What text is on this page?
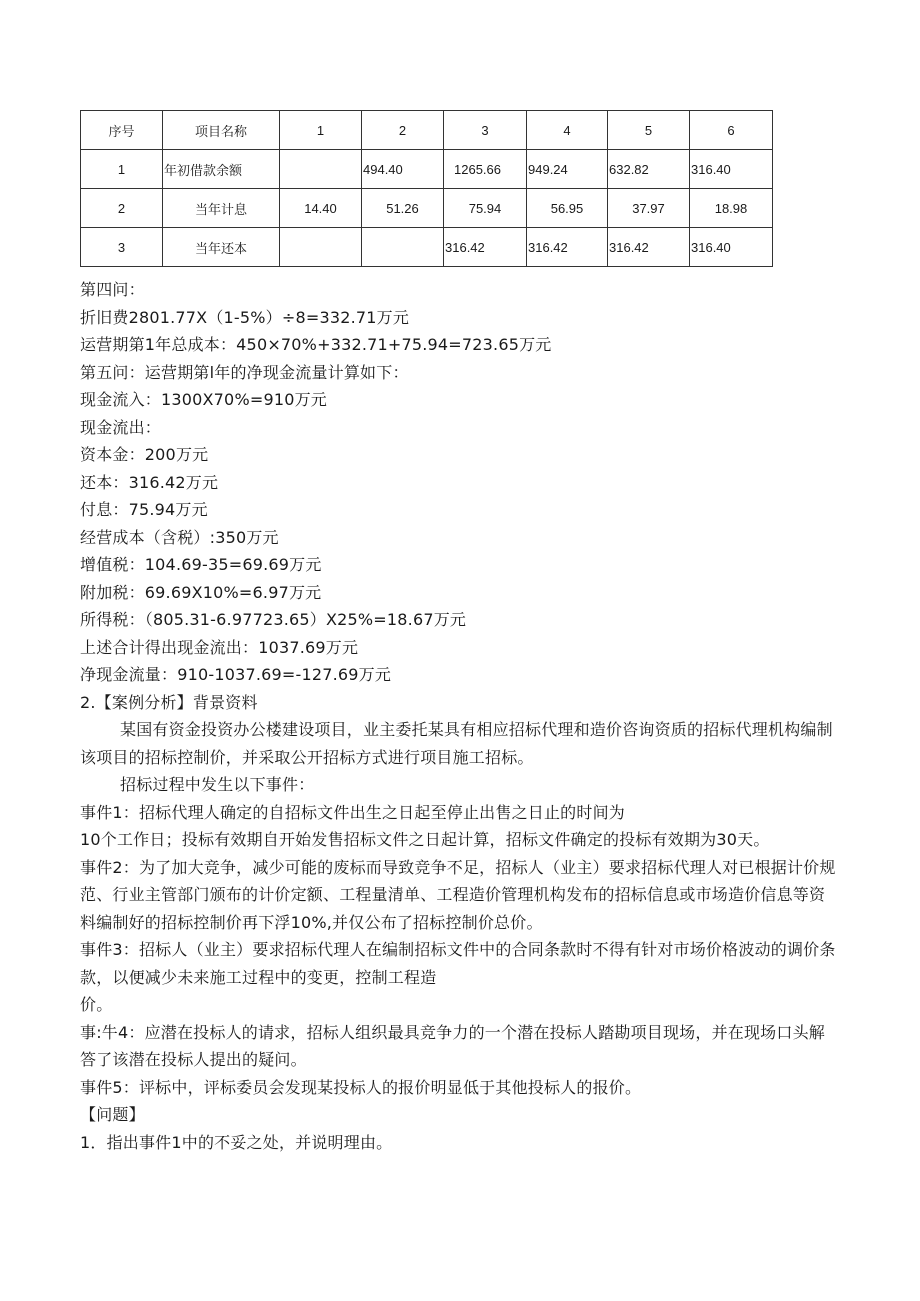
序号	项目名称	1	2	3	4	5	6
1	年初借款余额		494.40	1265.66	949.24	632.82	316.40
2	当年计息	14.40	51.26	75.94	56.95	37.97	18.98
3	当年还本			316.42	316.42	316.42	316.40

第四问：

折旧费2801.77X（1-5%）÷8=332.71万元

运营期第1年总成本：450×70%+332.71+75.94=723.65万元

第五问：运营期第l年的净现金流量计算如下：

现金流入：1300X70%=910万元

现金流出：

资本金：200万元

还本：316.42万元

付息：75.94万元

经营成本（含税）:350万元

增值税：104.69-35=69.69万元

附加税：69.69X10%=6.97万元

所得税：（805.31-6.97723.65）X25%=18.67万元

上述合计得出现金流出：1037.69万元

净现金流量：910-1037.69=-127.69万元

2.【案例分析】背景资料

某国有资金投资办公楼建设项目，业主委托某具有相应招标代理和造价咨询资质的招标代理机构编制该项目的招标控制价，并采取公开招标方式进行项目施工招标。

招标过程中发生以下事件：

事件1：招标代理人确定的自招标文件出生之日起至停止出售之日止的时间为

10个工作日；投标有效期自开始发售招标文件之日起计算，招标文件确定的投标有效期为30天。

事件2：为了加大竞争，减少可能的废标而导致竞争不足，招标人（业主）要求招标代理人对已根据计价规范、行业主管部门颁布的计价定额、工程量清单、工程造价管理机构发布的招标信息或市场造价信息等资料编制好的招标控制价再下浮10%,并仅公布了招标控制价总价。

事件3：招标人（业主）要求招标代理人在编制招标文件中的合同条款时不得有针对市场价格波动的调价条款，以便减少未来施工过程中的变更，控制工程造

价。

事:牛4：应潜在投标人的请求，招标人组织最具竞争力的一个潜在投标人踏勘项目现场，并在现场口头解答了该潜在投标人提出的疑问。

事件5：评标中，评标委员会发现某投标人的报价明显低于其他投标人的报价。

【问题】

1．指出事件1中的不妥之处，并说明理由。
